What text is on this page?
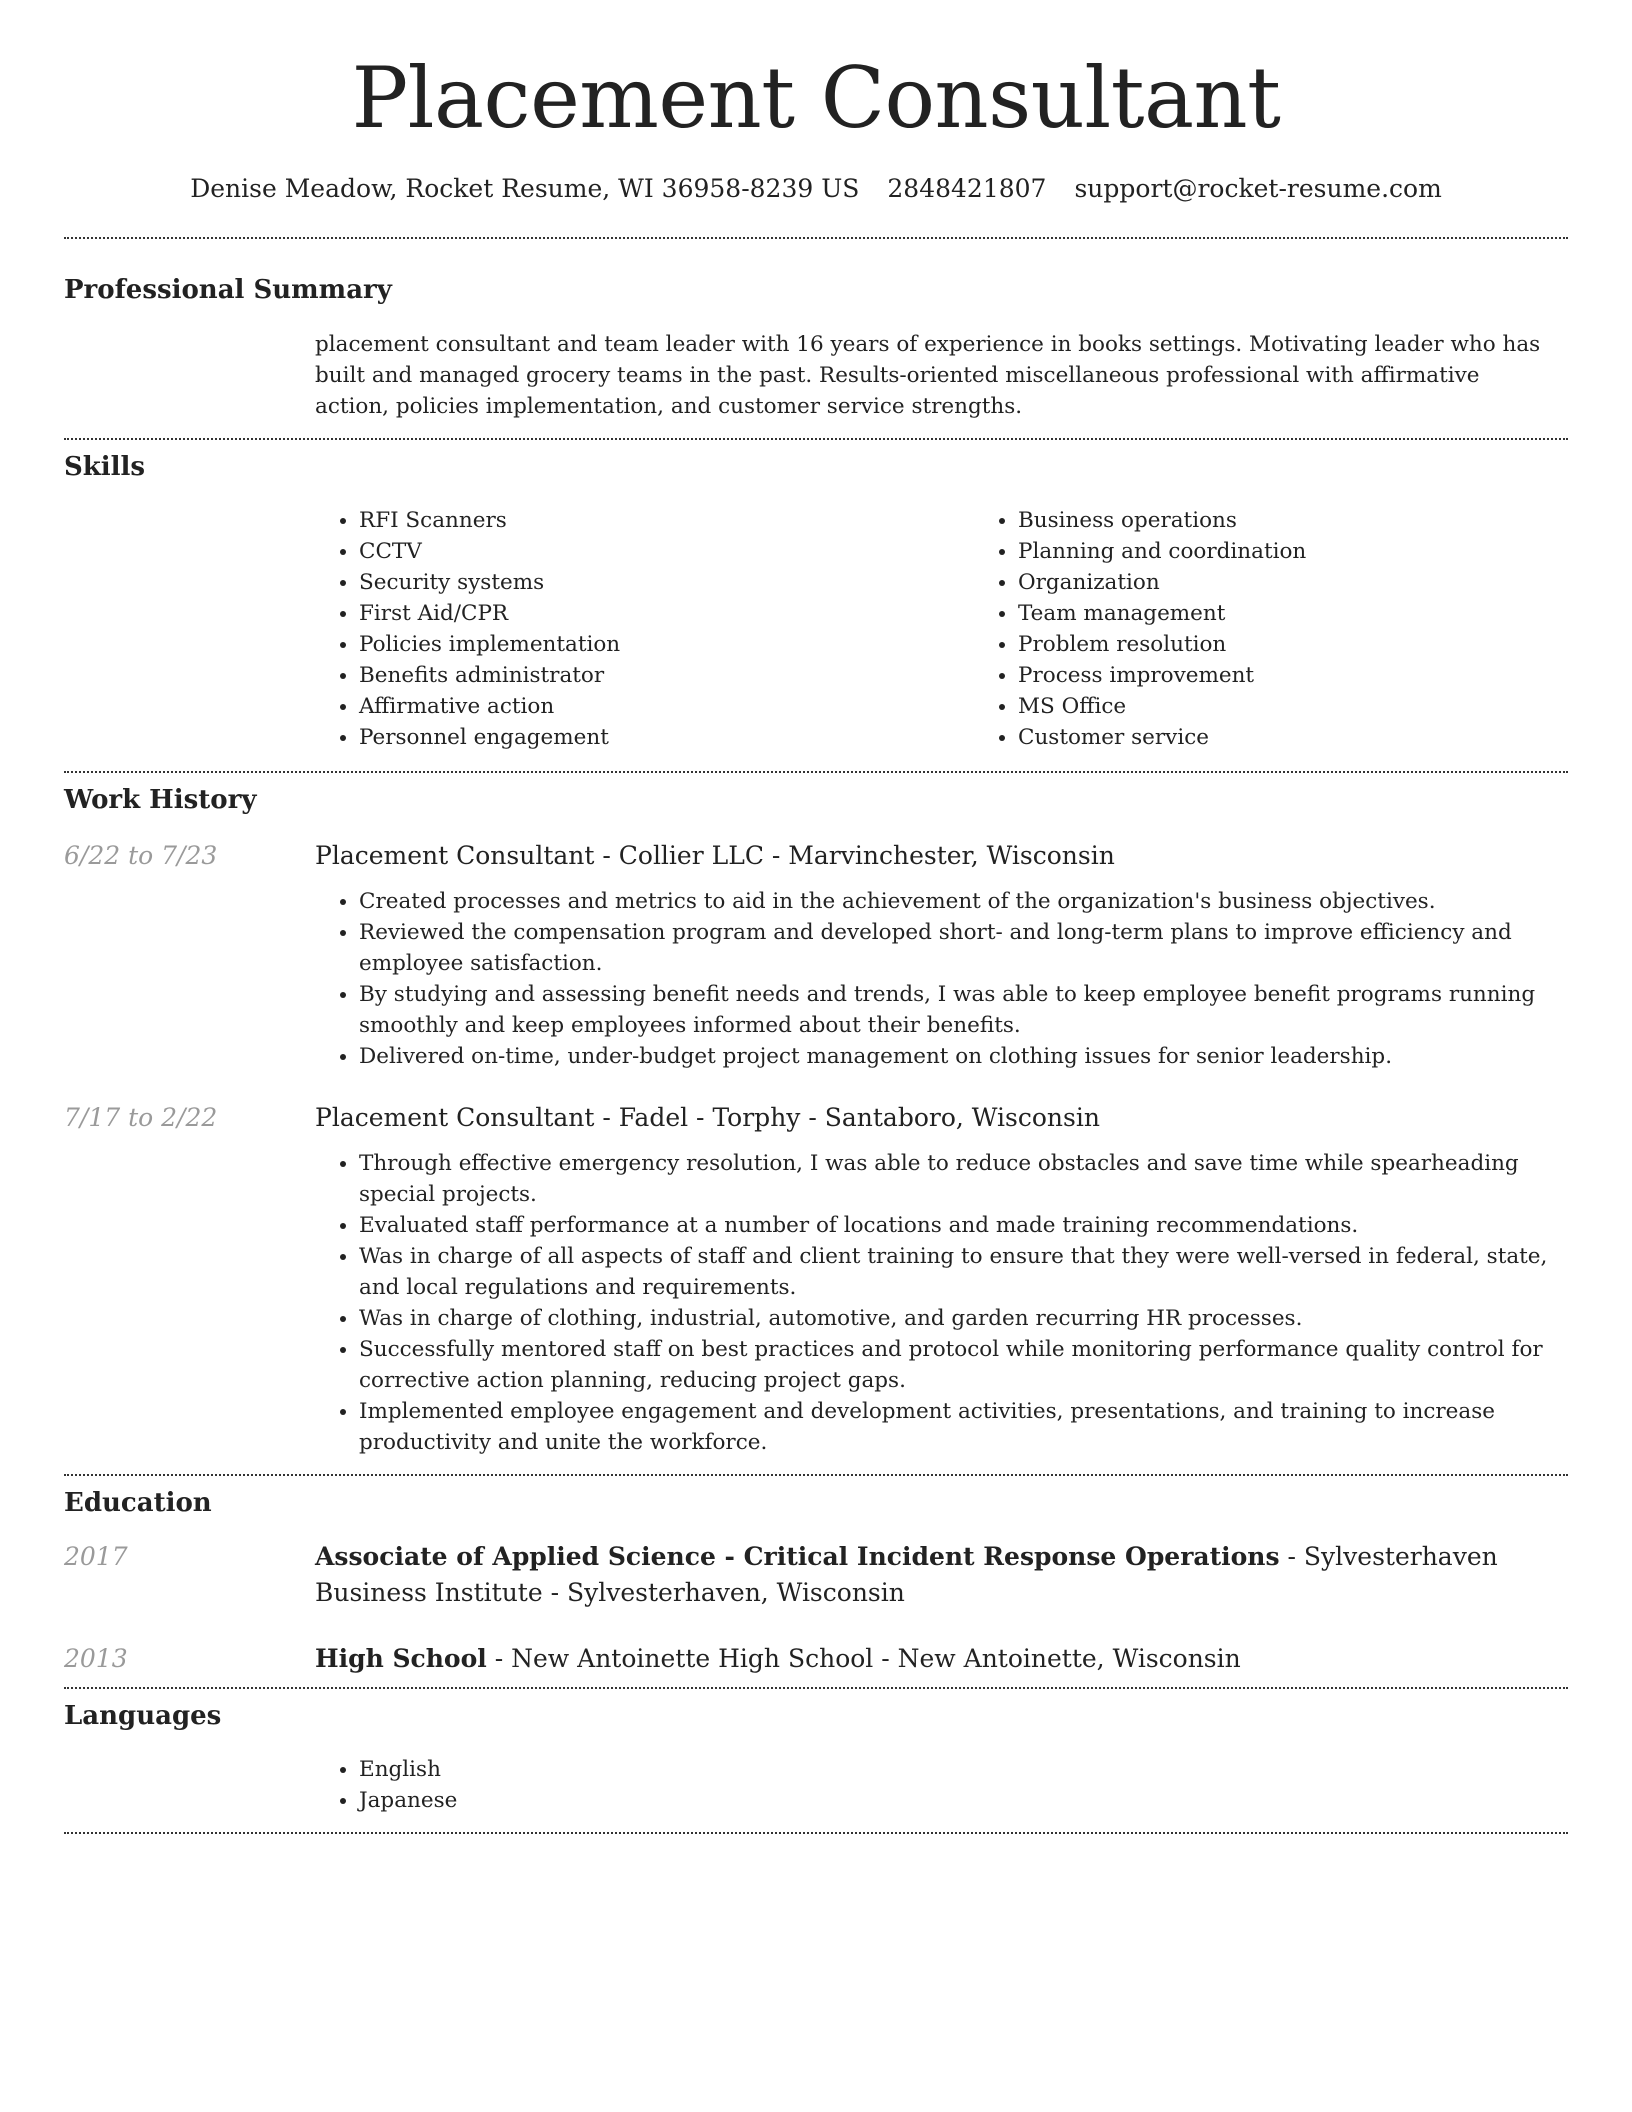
Placement Consultant
Denise Meadow, Rocket Resume, WI 36958-8239 US 2848421807 support@rocket-resume.com
Professional Summary

placement consultant and team leader with 16 years of experience in books settings. Motivating leader who has built and managed grocery teams in the past. Results-oriented miscellaneous professional with affirmative action, policies implementation, and customer service strengths.

Skills
• RFI Scanners
• CCTV
• Security systems
• First Aid/CPR
• Policies implementation
• Benefits administrator
• Affirmative action
• Personnel engagement
• Business operations
• Planning and coordination
• Organization
• Team management
• Problem resolution
• Process improvement
• MS Office
• Customer service
Work History
6/22 to 7/23	Placement Consultant - Collier LLC - Marvinchester, Wisconsin
• Created processes and metrics to aid in the achievement of the organization's business objectives.
• Reviewed the compensation program and developed short- and long-term plans to improve efficiency and employee satisfaction.
• By studying and assessing benefit needs and trends, I was able to keep employee benefit programs running smoothly and keep employees informed about their benefits.
• Delivered on-time, under-budget project management on clothing issues for senior leadership.
7/17 to 2/22	Placement Consultant - Fadel - Torphy - Santaboro, Wisconsin
• Through effective emergency resolution, I was able to reduce obstacles and save time while spearheading special projects.
• Evaluated staff performance at a number of locations and made training recommendations.
• Was in charge of all aspects of staff and client training to ensure that they were well-versed in federal, state, and local regulations and requirements.
• Was in charge of clothing, industrial, automotive, and garden recurring HR processes.
• Successfully mentored staff on best practices and protocol while monitoring performance quality control for corrective action planning, reducing project gaps.
• Implemented employee engagement and development activities, presentations, and training to increase productivity and unite the workforce.
Education
2017	Associate of Applied Science - Critical Incident Response Operations - Sylvesterhaven Business Institute - Sylvesterhaven, Wisconsin
2013	High School - New Antoinette High School - New Antoinette, Wisconsin
Languages
• English
• Japanese
